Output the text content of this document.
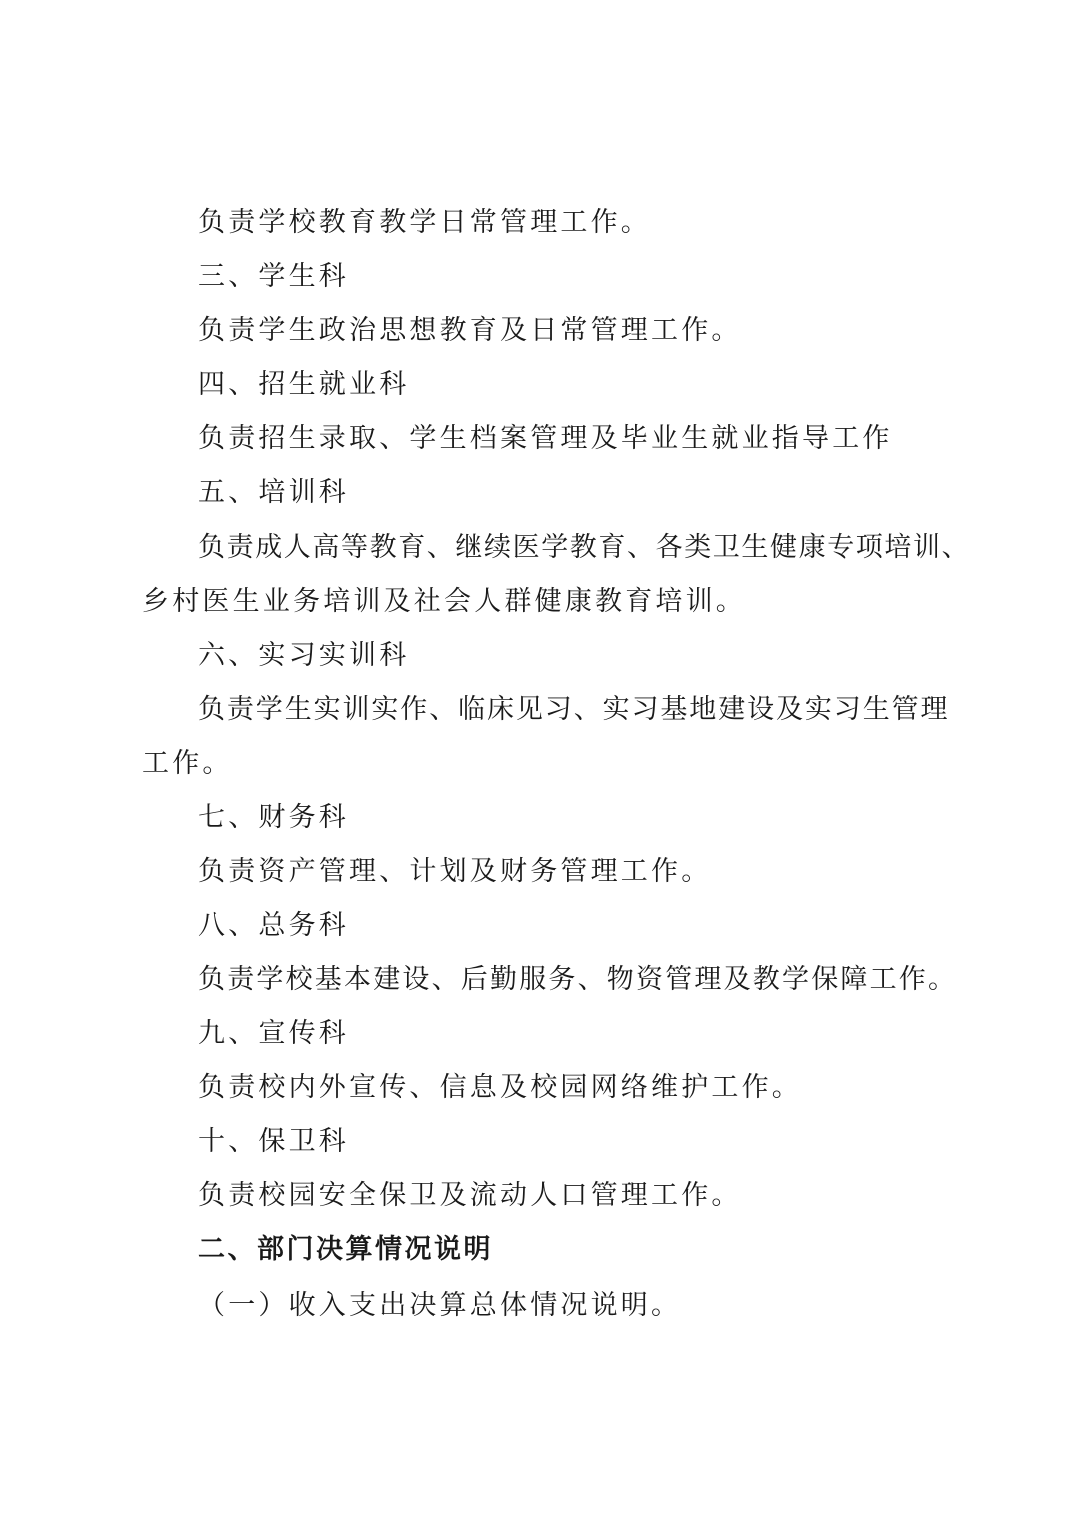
负责学校教育教学日常管理工作。
三、学生科
负责学生政治思想教育及日常管理工作。
四、招生就业科
负责招生录取、学生档案管理及毕业生就业指导工作
五、培训科
负责成人高等教育、继续医学教育、各类卫生健康专项培训、
乡村医生业务培训及社会人群健康教育培训。
六、实习实训科
负责学生实训实作、临床见习、实习基地建设及实习生管理
工作。
七、财务科
负责资产管理、计划及财务管理工作。
八、总务科
负责学校基本建设、后勤服务、物资管理及教学保障工作。
九、宣传科
负责校内外宣传、信息及校园网络维护工作。
十、保卫科
负责校园安全保卫及流动人口管理工作。
二、部门决算情况说明
（一）收入支出决算总体情况说明。
